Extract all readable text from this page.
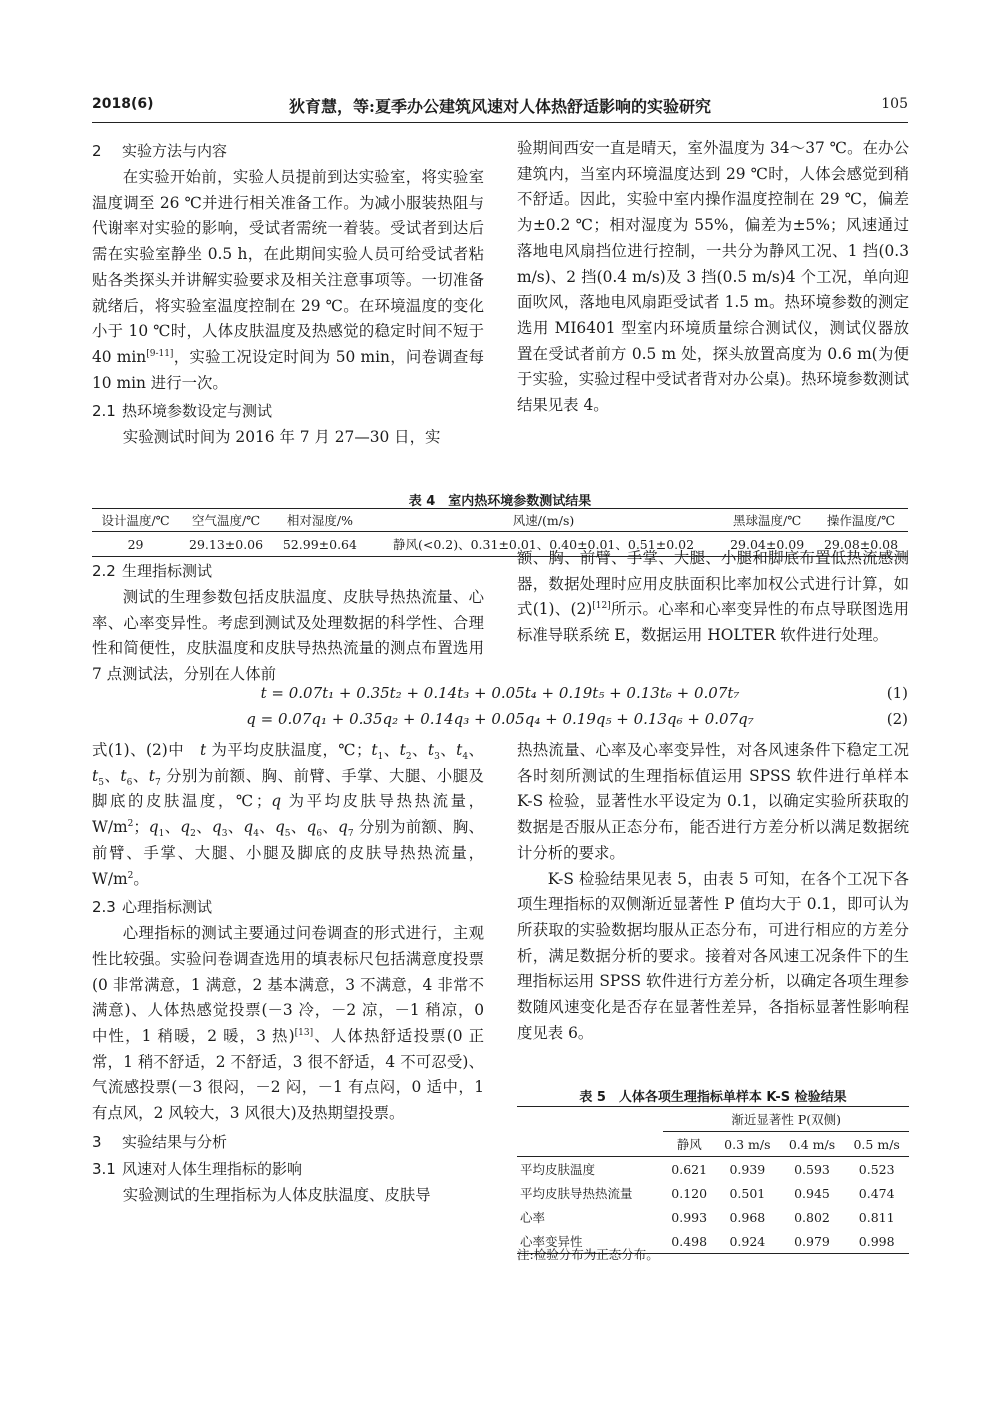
2018(6)	狄育慧，等:夏季办公建筑风速对人体热舒适影响的实验研究	105
2 实验方法与内容

在实验开始前，实验人员提前到达实验室，将实验室温度调至 26 ℃并进行相关准备工作。为减小服装热阻与代谢率对实验的影响，受试者需统一着装。受试者到达后需在实验室静坐 0.5 h，在此期间实验人员可给受试者粘贴各类探头并讲解实验要求及相关注意事项等。一切准备就绪后，将实验室温度控制在 29 ℃。在环境温度的变化小于 10 ℃时，人体皮肤温度及热感觉的稳定时间不短于 40 min[9-11]，实验工况设定时间为 50 min，问卷调查每 10 min 进行一次。

2.1 热环境参数设定与测试

实验测试时间为 2016 年 7 月 27—30 日，实

验期间西安一直是晴天，室外温度为 34～37 ℃。在办公建筑内，当室内环境温度达到 29 ℃时，人体会感觉到稍不舒适。因此，实验中室内操作温度控制在 29 ℃，偏差为±0.2 ℃；相对湿度为 55%，偏差为±5%；风速通过落地电风扇挡位进行控制，一共分为静风工况、1 挡(0.3 m/s)、2 挡(0.4 m/s)及 3 挡(0.5 m/s)4 个工况，单向迎面吹风，落地电风扇距受试者 1.5 m。热环境参数的测定选用 MI6401 型室内环境质量综合测试仪，测试仪器放置在受试者前方 0.5 m 处，探头放置高度为 0.6 m(为便于实验，实验过程中受试者背对办公桌)。热环境参数测试结果见表 4。

表 4　室内热环境参数测试结果
设计温度/℃	空气温度/℃	相对湿度/%	风速/(m/s)	黑球温度/℃	操作温度/℃
29	29.13±0.06	52.99±0.64	静风(<0.2)、0.31±0.01、0.40±0.01、0.51±0.02	29.04±0.09	29.08±0.08
2.2 生理指标测试

测试的生理参数包括皮肤温度、皮肤导热热流量、心率、心率变异性。考虑到测试及处理数据的科学性、合理性和简便性，皮肤温度和皮肤导热热流量的测点布置选用 7 点测试法，分别在人体前

额、胸、前臂、手掌、大腿、小腿和脚底布置低热流感测器，数据处理时应用皮肤面积比率加权公式进行计算，如式(1)、(2)[12]所示。心率和心率变异性的布点导联图选用标准导联系统 E，数据运用 HOLTER 软件进行处理。

t = 0.07t₁ + 0.35t₂ + 0.14t₃ + 0.05t₄ + 0.19t₅ + 0.13t₆ + 0.07t₇	(1)
q = 0.07q₁ + 0.35q₂ + 0.14q₃ + 0.05q₄ + 0.19q₅ + 0.13q₆ + 0.07q₇	(2)

式(1)、(2)中　t 为平均皮肤温度，℃；$t_1$、$t_2$、$t_3$、$t_4$、$t_5$、$t_6$、$t_7$ 分别为前额、胸、前臂、手掌、大腿、小腿及脚底的皮肤温度，℃；q 为平均皮肤导热热流量，$W/m^2$；$q_1$、$q_2$、$q_3$、$q_4$、$q_5$、$q_6$、$q_7$ 分别为前额、胸、前臂、手掌、大腿、小腿及脚底的皮肤导热热流量，$W/m^2$。

2.3 心理指标测试

心理指标的测试主要通过问卷调查的形式进行，主观性比较强。实验问卷调查选用的填表标尺包括满意度投票(0 非常满意，1 满意，2 基本满意，3 不满意，4 非常不满意)、人体热感觉投票(－3 冷，－2 凉，－1 稍凉，0 中性，1 稍暖，2 暖，3 热)[13]、人体热舒适投票(0 正常，1 稍不舒适，2 不舒适，3 很不舒适，4 不可忍受)、气流感投票(－3 很闷，－2 闷，－1 有点闷，0 适中，1 有点风，2 风较大，3 风很大)及热期望投票。

3 实验结果与分析
3.1 风速对人体生理指标的影响

实验测试的生理指标为人体皮肤温度、皮肤导

热热流量、心率及心率变异性，对各风速条件下稳定工况各时刻所测试的生理指标值运用 SPSS 软件进行单样本 K-S 检验，显著性水平设定为 0.1，以确定实验所获取的数据是否服从正态分布，能否进行方差分析以满足数据统计分析的要求。

K-S 检验结果见表 5，由表 5 可知，在各个工况下各项生理指标的双侧渐近显著性 P 值均大于 0.1，即可认为所获取的实验数据均服从正态分布，可进行相应的方差分析，满足数据分析的要求。接着对各风速工况条件下的生理指标运用 SPSS 软件进行方差分析，以确定各项生理参数随风速变化是否存在显著性差异，各指标显著性影响程度见表 6。

表 5　人体各项生理指标单样本 K-S 检验结果
	渐近显著性 P(双侧)			
	静风	0.3 m/s	0.4 m/s	0.5 m/s
平均皮肤温度	0.621	0.939	0.593	0.523
平均皮肤导热热流量	0.120	0.501	0.945	0.474
心率	0.993	0.968	0.802	0.811
心率变异性	0.498	0.924	0.979	0.998
注:检验分布为正态分布。
